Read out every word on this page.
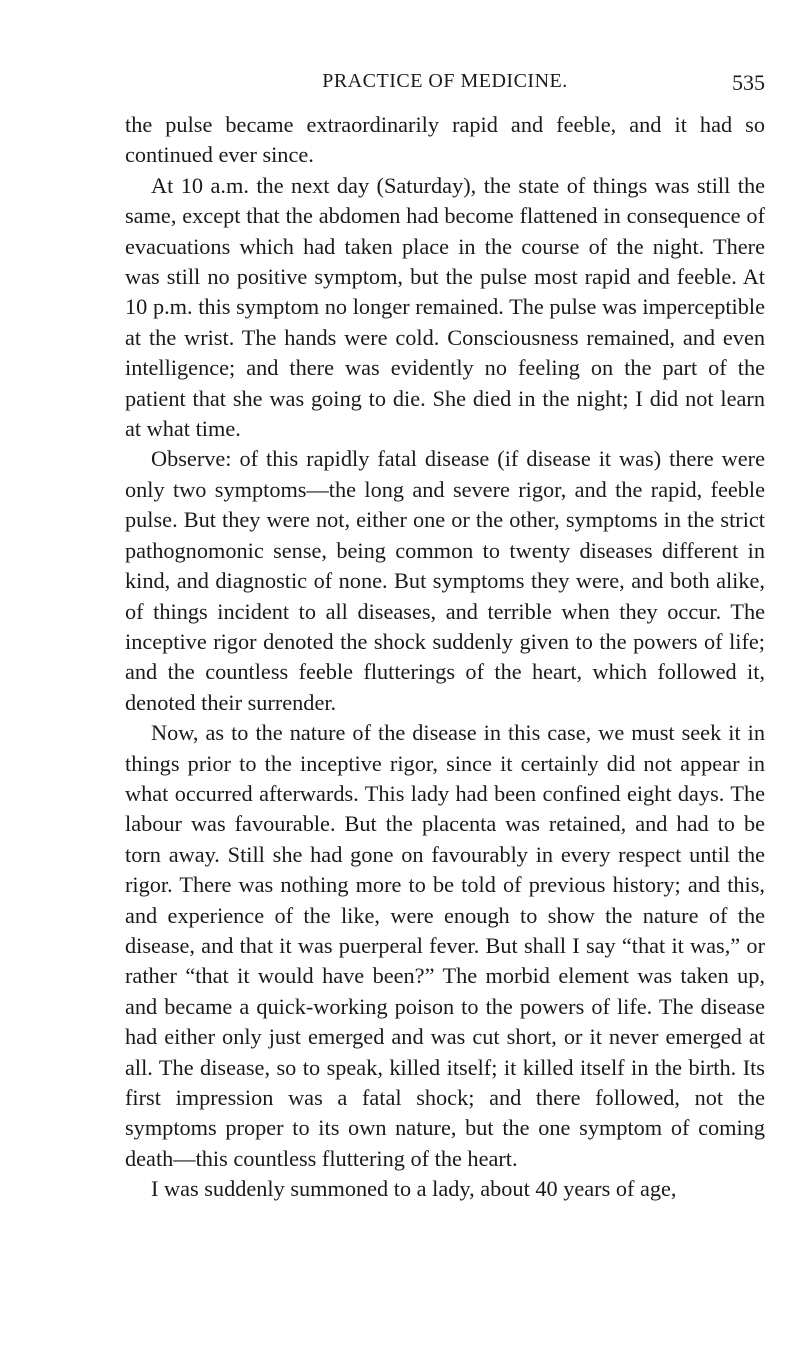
PRACTICE OF MEDICINE.	535

the pulse became extraordinarily rapid and feeble, and it had so continued ever since.

At 10 a.m. the next day (Saturday), the state of things was still the same, except that the abdomen had become flattened in consequence of evacuations which had taken place in the course of the night. There was still no positive symptom, but the pulse most rapid and feeble. At 10 p.m. this symptom no longer remained. The pulse was imperceptible at the wrist. The hands were cold. Consciousness remained, and even intelligence; and there was evidently no feeling on the part of the patient that she was going to die. She died in the night; I did not learn at what time.

Observe: of this rapidly fatal disease (if disease it was) there were only two symptoms—the long and severe rigor, and the rapid, feeble pulse. But they were not, either one or the other, symptoms in the strict pathognomonic sense, being common to twenty diseases different in kind, and diagnostic of none. But symptoms they were, and both alike, of things incident to all diseases, and terrible when they occur. The inceptive rigor denoted the shock suddenly given to the powers of life; and the countless feeble flutterings of the heart, which followed it, denoted their surrender.

Now, as to the nature of the disease in this case, we must seek it in things prior to the inceptive rigor, since it certainly did not appear in what occurred afterwards. This lady had been confined eight days. The labour was favourable. But the placenta was retained, and had to be torn away. Still she had gone on favourably in every respect until the rigor. There was nothing more to be told of previous history; and this, and experience of the like, were enough to show the nature of the disease, and that it was puerperal fever. But shall I say “that it was,” or rather “that it would have been?” The morbid element was taken up, and became a quick-working poison to the powers of life. The disease had either only just emerged and was cut short, or it never emerged at all. The disease, so to speak, killed itself; it killed itself in the birth. Its first impression was a fatal shock; and there followed, not the symptoms proper to its own nature, but the one symptom of coming death—this countless fluttering of the heart.

I was suddenly summoned to a lady, about 40 years of age,
